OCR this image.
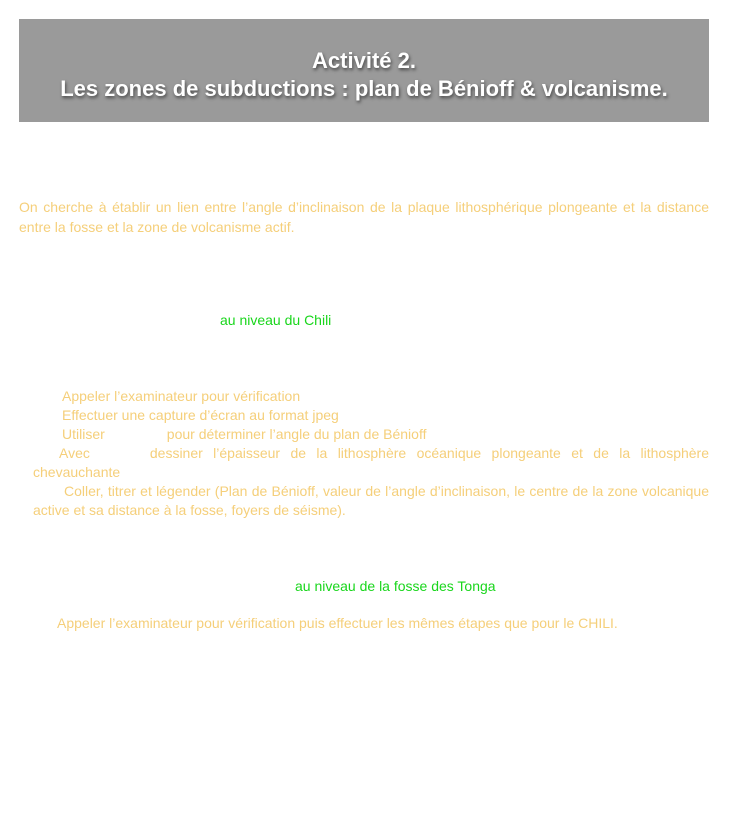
Activité 2.
Les zones de subductions : plan de Bénioff & volcanisme.
On cherche à établir un lien entre l’angle d’inclinaison de la plaque lithosphérique plongeante et la distance entre la fosse et la zone de volcanisme actif.
au niveau du Chili
Appeler l’examinateur pour vérification
Effectuer une capture d’écran au format jpeg
Utiliser	pour déterminer l’angle du plan de Bénioff
Avec	dessiner l’épaisseur de la lithosphère océanique plongeante et de la lithosphère chevauchante
Coller, titrer et légender (Plan de Bénioff, valeur de l’angle d’inclinaison, le centre de la zone volcanique active et sa distance à la fosse, foyers de séisme).
au niveau de la fosse des Tonga
Appeler l’examinateur pour vérification puis effectuer les mêmes étapes que pour le CHILI.
